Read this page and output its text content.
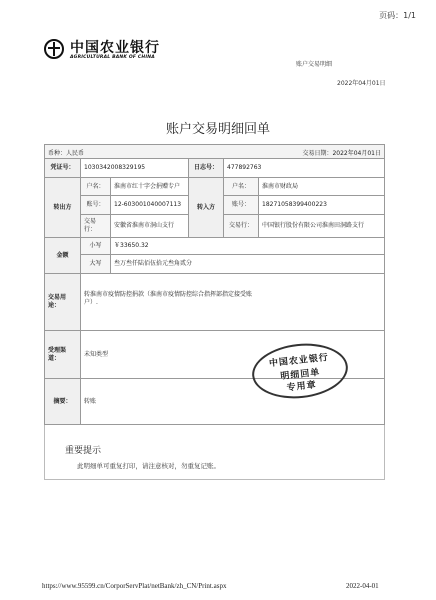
页码：1/1
中国农业银行
AGRICULTURAL BANK OF CHINA
账户交易明细
2022年04月01日
账户交易明细回单
币种：人民币	交易日期：2022年04月01日
凭证号：	1030342008329195	日志号：	477892763
转出方
户名：	淮南市红十字会捐赠专户
账号：	12-603001040007113
交易行：
安徽省淮南市洞山支行
转入方
户名：	淮南市财政局
账号：	18271058399400223
交易行：	中国银行股份有限公司淮南田洞路支行
金额
小写	￥33650.32
大写	叁万叁仟陆佰伍拾元叁角贰分
交易用途：
转淮南市疫情防控捐款（淮南市疫情防控综合指挥部指定接受账户）.
受理渠道：
未知类型
摘要：	转账
中国农业银行
明细回单
专用章
重要提示
此明细单可重复打印，请注意核对，勿重复记账。
https://www.95599.cn/CorporServPlat/netBank/zh_CN/Print.aspx	2022-04-01
